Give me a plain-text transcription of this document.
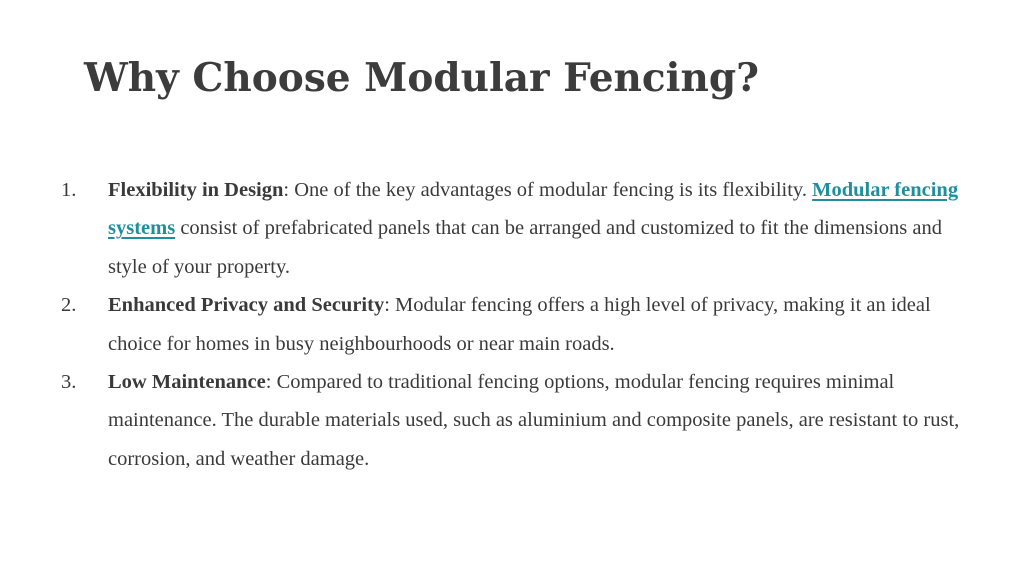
Why Choose Modular Fencing?
1.	Flexibility in Design: One of the key advantages of modular fencing is its flexibility. Modular fencing systems consist of prefabricated panels that can be arranged and customized to fit the dimensions and style of your property.
2.	Enhanced Privacy and Security: Modular fencing offers a high level of privacy, making it an ideal choice for homes in busy neighbourhoods or near main roads.
3.	Low Maintenance: Compared to traditional fencing options, modular fencing requires minimal maintenance. The durable materials used, such as aluminium and composite panels, are resistant to rust, corrosion, and weather damage.
